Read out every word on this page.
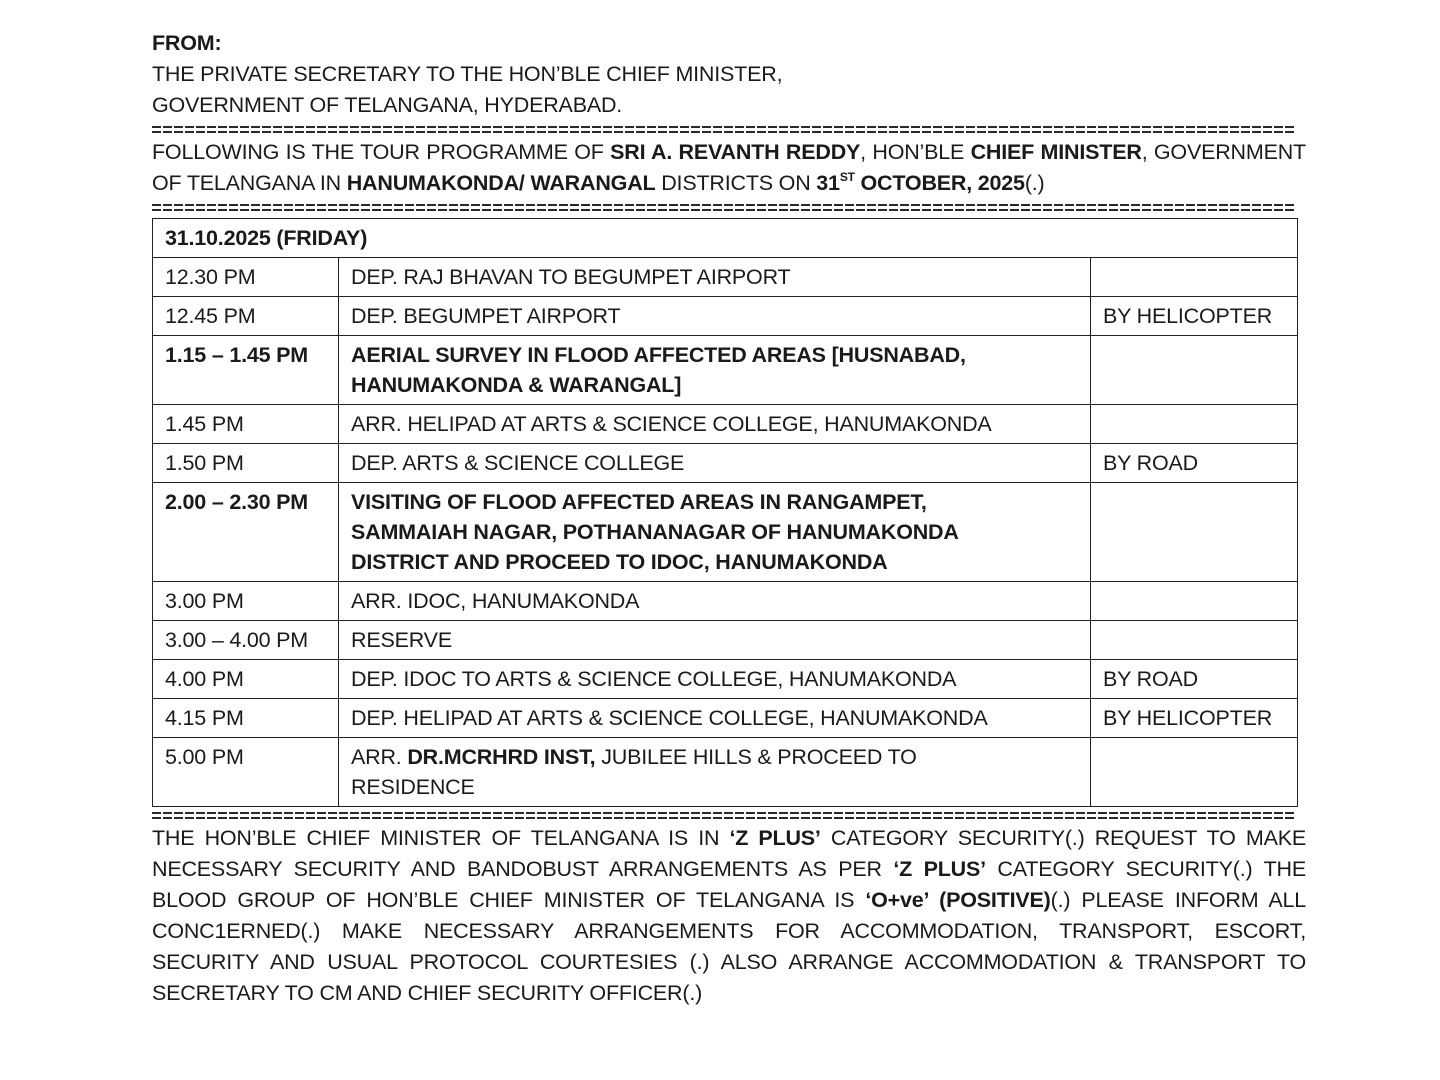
FROM:
THE PRIVATE SECRETARY TO THE HON’BLE CHIEF MINISTER,
GOVERNMENT OF TELANGANA, HYDERABAD.
FOLLOWING IS THE TOUR PROGRAMME OF SRI A. REVANTH REDDY, HON’BLE CHIEF MINISTER, GOVERNMENT OF TELANGANA IN HANUMAKONDA/ WARANGAL DISTRICTS ON 31ST OCTOBER, 2025(.)
31.10.2025 (FRIDAY)		
12.30 PM	DEP. RAJ BHAVAN TO BEGUMPET AIRPORT	
12.45 PM	DEP. BEGUMPET AIRPORT	BY HELICOPTER
1.15 – 1.45 PM	AERIAL SURVEY IN FLOOD AFFECTED AREAS [HUSNABAD, HANUMAKONDA & WARANGAL]	
1.45 PM	ARR. HELIPAD AT ARTS & SCIENCE COLLEGE, HANUMAKONDA	
1.50 PM	DEP. ARTS & SCIENCE COLLEGE	BY ROAD
2.00 – 2.30 PM	VISITING OF FLOOD AFFECTED AREAS IN RANGAMPET, SAMMAIAH NAGAR, POTHANANAGAR OF HANUMAKONDA DISTRICT AND PROCEED TO IDOC, HANUMAKONDA	
3.00 PM	ARR. IDOC, HANUMAKONDA	
3.00 – 4.00 PM	RESERVE	
4.00 PM	DEP. IDOC TO ARTS & SCIENCE COLLEGE, HANUMAKONDA	BY ROAD
4.15 PM	DEP. HELIPAD AT ARTS & SCIENCE COLLEGE, HANUMAKONDA	BY HELICOPTER
5.00 PM	ARR. DR.MCRHRD INST, JUBILEE HILLS & PROCEED TO RESIDENCE	
THE HON’BLE CHIEF MINISTER OF TELANGANA IS IN ‘Z PLUS’ CATEGORY SECURITY(.) REQUEST TO MAKE NECESSARY SECURITY AND BANDOBUST ARRANGEMENTS AS PER ‘Z PLUS’ CATEGORY SECURITY(.) THE BLOOD GROUP OF HON’BLE CHIEF MINISTER OF TELANGANA IS ‘O+ve’ (POSITIVE)(.) PLEASE INFORM ALL CONC1ERNED(.) MAKE NECESSARY ARRANGEMENTS FOR ACCOMMODATION, TRANSPORT, ESCORT, SECURITY AND USUAL PROTOCOL COURTESIES (.) ALSO ARRANGE ACCOMMODATION & TRANSPORT TO SECRETARY TO CM AND CHIEF SECURITY OFFICER(.)
